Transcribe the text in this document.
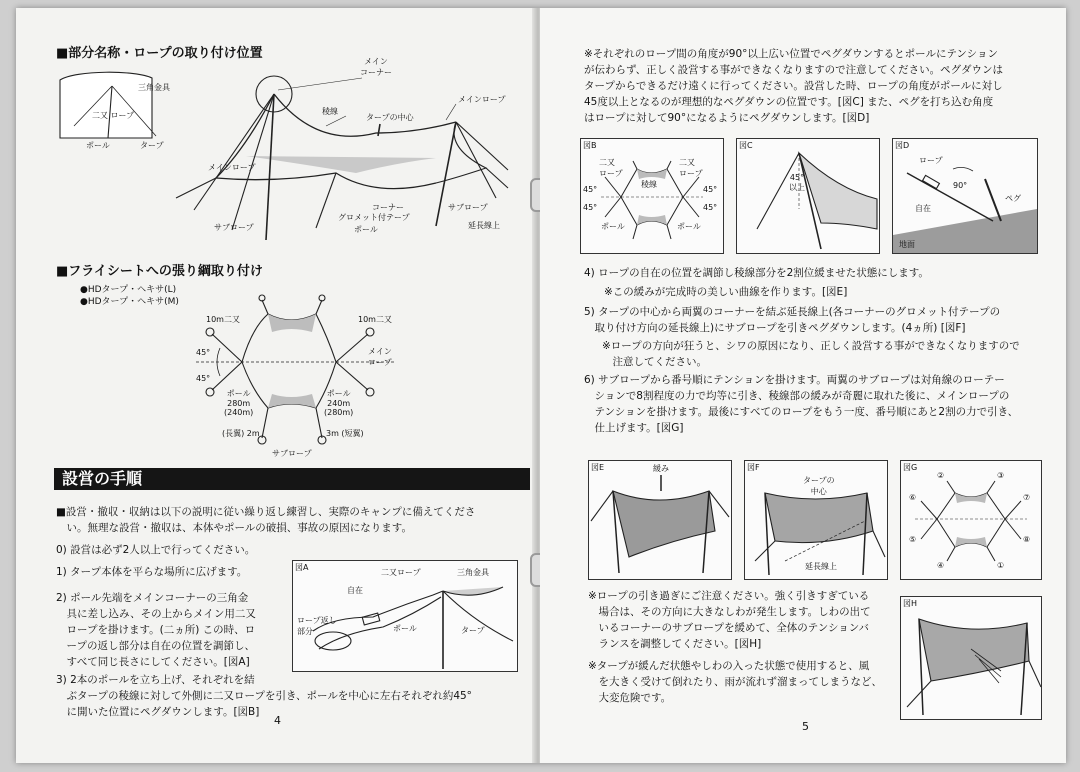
■部分名称・ロープの取り付け位置
三角金具
二又 ロープ
ポール	タープ
メイン
コーナー
メインロープ
稜線
タープの中心
メインロープ
コーナー
グロメット付テープ
サブロープ
延長線上
ポール
サブロープ
■フライシートへの張り綱取り付け
●HDタープ・ヘキサ(L)
●HDタープ・ヘキサ(M)
10m二又	10m二又
45°
45°
メイン
ロープ
ポール
280m
(240m)
ポール
240m
(280m)
(長翼) 2m	3m (短翼)
サブロープ
設営の手順
■設営・撤収・収納は以下の説明に従い繰り返し練習し、実際のキャンプに備えてくださ
　い。無理な設営・撤収は、本体やポールの破損、事故の原因になります。
0) 設営は必ず2人以上で行ってください。
1) タープ本体を平らな場所に広げます。
2) ポール先端をメインコーナーの三角金
　具に差し込み、その上からメイン用二又
　ロープを掛けます。(二ヵ所) この時、ロ
　ープの返し部分は自在の位置を調節し、
　すべて同じ長さにしてください。[図A]
3) 2本のポールを立ち上げ、それぞれを結
　ぶタープの稜線に対して外側に二又ロープを引き、ポールを中心に左右それぞれ約45°
　に開いた位置にペグダウンします。[図B]
図A
二又ロープ	三角金具
自在
ロープ返し
部分	ポール	タープ
4
※それぞれのロープ間の角度が90°以上広い位置でペグダウンするとポールにテンション
が伝わらず、正しく設営する事ができなくなりますので注意してください。ペグダウンは
タープからできるだけ遠くに行ってください。設営した時、ロープの角度がポールに対し
45度以上となるのが理想的なペグダウンの位置です。[図C] また、ペグを打ち込む角度
はロープに対して90°になるようにペグダウンします。[図D]
図B
二又
ロープ
二又
ロープ
稜線
45°
45°
45°
45°
ポール	ポール
図C
45°
以上
図D
ロープ
90°
自在
ペグ
地面
4) ロープの自在の位置を調節し稜線部分を2割位緩ませた状態にします。
※この緩みが完成時の美しい曲線を作ります。[図E]
5) タープの中心から両翼のコーナーを結ぶ延長線上(各コーナーのグロメット付テープの
　取り付け方向の延長線上)にサブロープを引きペグダウンします。(4ヵ所) [図F]
※ロープの方向が狂うと、シワの原因になり、正しく設営する事ができなくなりますので
　注意してください。
6) サブロープから番号順にテンションを掛けます。両翼のサブロープは対角線のローテー
　ションで8割程度の力で均等に引き、稜線部の緩みが奇麗に取れた後に、メインロープの
　テンションを掛けます。最後にすべてのロープをもう一度、番号順にあと2割の力で引き、
　仕上げます。[図G]
図E	緩み	図F
タープの
中心
延長線上
図G
②	③
⑥	⑦
⑤	⑧
④	①
※ロープの引き過ぎにご注意ください。強く引きすぎている
　場合は、その方向に大きなしわが発生します。しわの出て
　いるコーナーのサブロープを緩めて、全体のテンションバ
　ランスを調整してください。[図H]
※タープが緩んだ状態やしわの入った状態で使用すると、風
　を大きく受けて倒れたり、雨が流れず溜まってしまうなど、
　大変危険です。
図H
5
